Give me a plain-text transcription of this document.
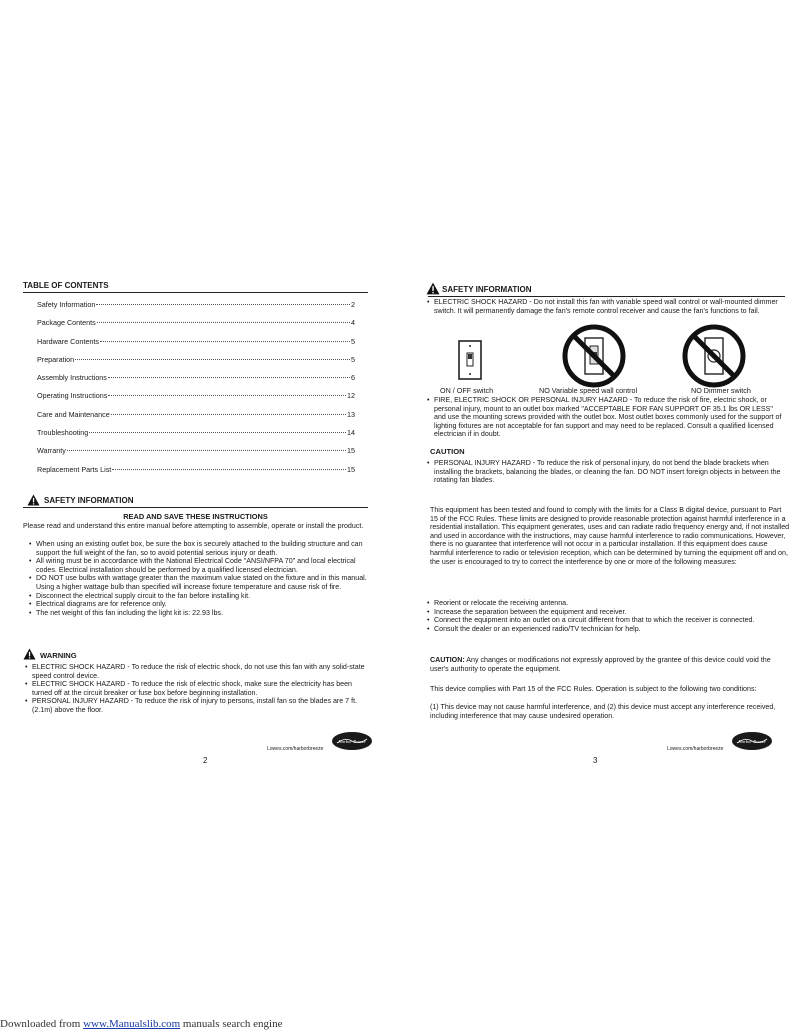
TABLE OF CONTENTS
Safety Information	2
Package Contents	4
Hardware Contents	5
Preparation	5
Assembly Instructions	6
Operating Instructions	12
Care and Maintenance	13
Troubleshooting	14
Warranty	15
Replacement Parts List	15
SAFETY INFORMATION
READ AND SAVE THESE INSTRUCTIONS
Please read and understand this entire manual before attempting to assemble, operate or install the product.
• When using an existing outlet box, be sure the box is securely attached to the building structure and can support the full weight of the fan, so to avoid potential serious injury or death.
• All wiring must be in accordance with the National Electrical Code "ANSI/NFPA 70" and local electrical codes. Electrical installation should be performed by a qualified licensed electrician.
• DO NOT use bulbs with wattage greater than the maximum value stated on the fixture and in this manual. Using a higher wattage bulb than specified will increase fixture temperature and cause risk of fire.
• Disconnect the electrical supply circuit to the fan before installing kit.
• Electrical diagrams are for reference only.
• The net weight of this fan including the light kit is: 22.93 lbs.
WARNING
• ELECTRIC SHOCK HAZARD - To reduce the risk of electric shock, do not use this fan with any solid-state speed control device.
• ELECTRIC SHOCK HAZARD - To reduce the risk of electric shock, make sure the electricity has been turned off at the circuit breaker or fuse box before beginning installation.
• PERSONAL INJURY HAZARD - To reduce the risk of injury to persons, install fan so the blades are 7 ft. (2.1m) above the floor.
Lowes.com/harborbreeze
Harbor Breeze
2
SAFETY INFORMATION
• ELECTRIC SHOCK HAZARD - Do not install this fan with variable speed wall control or wall-mounted dimmer switch. It will permanently damage the fan's remote control receiver and cause the fan's functions to fail.
ON / OFF switch	NO Variable speed wall control	NO Dimmer switch
• FIRE, ELECTRIC SHOCK OR PERSONAL INJURY HAZARD - To reduce the risk of fire, electric shock, or personal injury, mount to an outlet box marked "ACCEPTABLE FOR FAN SUPPORT OF 35.1 lbs OR LESS" and use the mounting screws provided with the outlet box. Most outlet boxes commonly used for the support of lighting fixtures are not acceptable for fan support and may need to be replaced. Consult a qualified licensed electrician if in doubt.
CAUTION
• PERSONAL INJURY HAZARD - To reduce the risk of personal injury, do not bend the blade brackets when installing the brackets, balancing the blades, or cleaning the fan. DO NOT insert foreign objects in between the rotating fan blades.
This equipment has been tested and found to comply with the limits for a Class B digital device, pursuant to Part 15 of the FCC Rules. These limits are designed to provide reasonable protection against harmful interference in a residential installation. This equipment generates, uses and can radiate radio frequency energy and, if not installed and used in accordance with the instructions, may cause harmful interference to radio communications. However, there is no guarantee that interference will not occur in a particular installation. If this equipment does cause harmful interference to radio or television reception, which can be determined by turning the equipment off and on, the user is encouraged to try to correct the interference by one or more of the following measures:
• Reorient or relocate the receiving antenna.
• Increase the separation between the equipment and receiver.
• Connect the equipment into an outlet on a circuit different from that to which the receiver is connected.
• Consult the dealer or an experienced radio/TV technician for help.
CAUTION: Any changes or modifications not expressly approved by the grantee of this device could void the user's authority to operate the equipment.
This device complies with Part 15 of the FCC Rules. Operation is subject to the following two conditions:
(1) This device may not cause harmful interference, and (2) this device must accept any interference received, including interference that may cause undesired operation.
Lowes.com/harborbreeze
Harbor Breeze
3
Downloaded from www.Manualslib.com manuals search engine
